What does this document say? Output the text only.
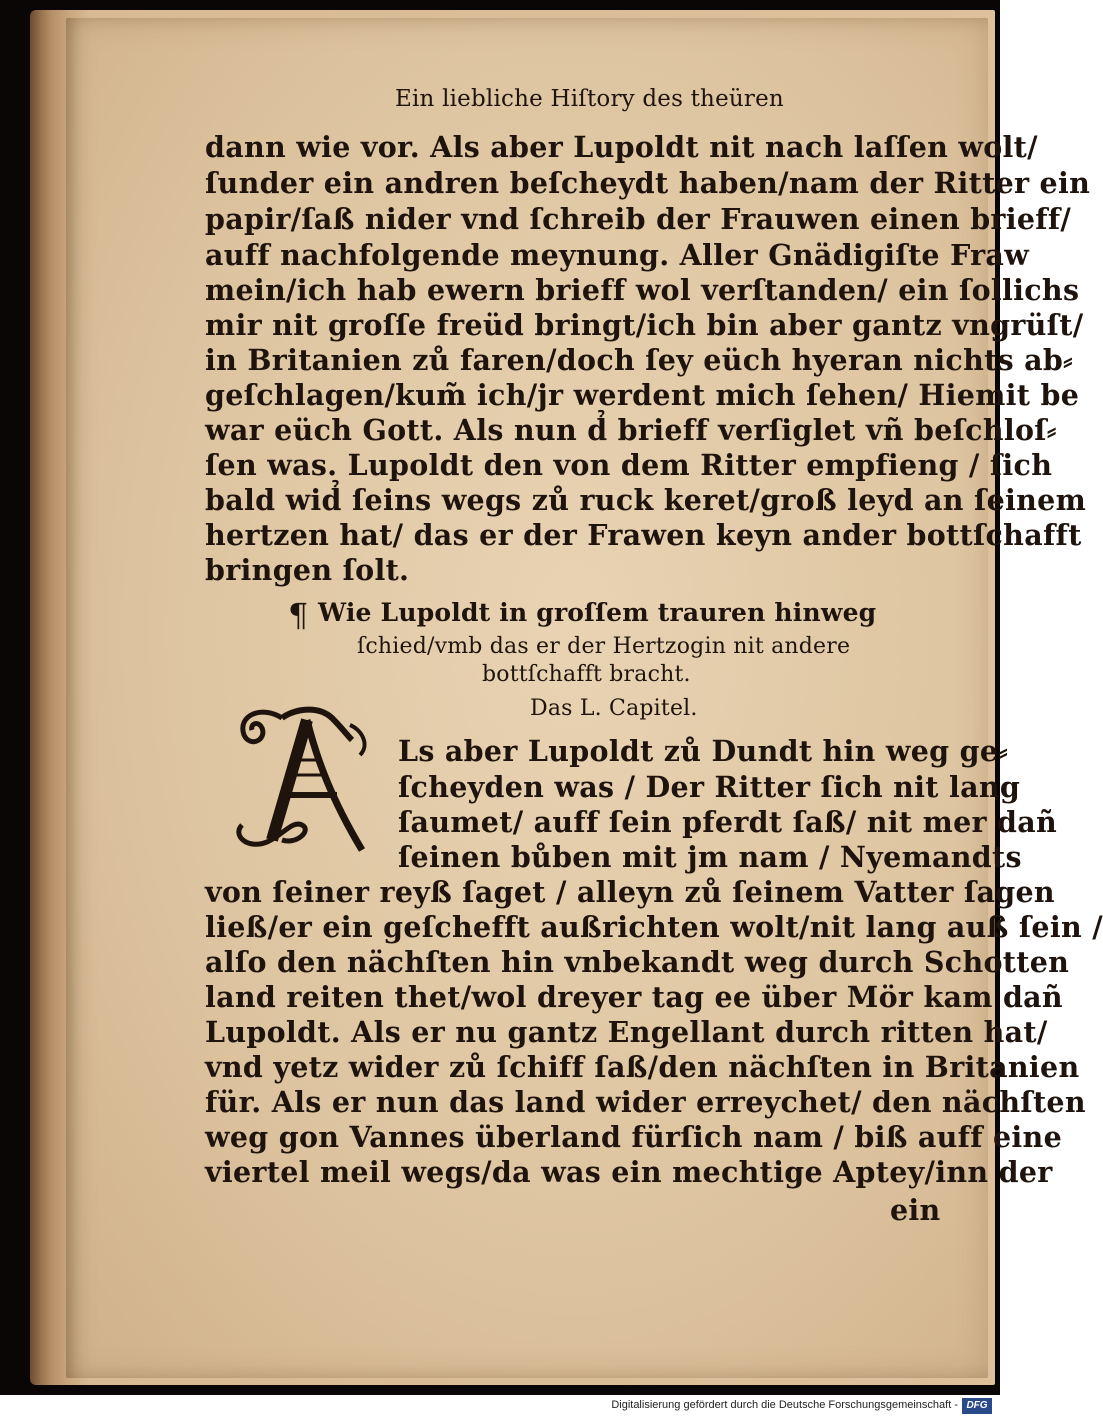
Ein liebliche Hiſtory des theüren
dann wie vor. Als aber Lupoldt nit nach laſſen wolt/
ſunder ein andren beſcheydt haben/nam der Ritter ein
papir/ſaß nider vnd ſchreib der Frauwen einen brieff/
auff nachfolgende meynung. Aller Gnädigiſte Fraw
mein/ich hab ewern brieff wol verſtanden/ ein ſollichs
mir nit groſſe freüd bringt/ich bin aber gantz vngrüſt/
in Britanien zů faren/doch ſey eüch hyeran nichts ab⸗
geſchlagen/kum̃ ich/jr werdent mich ſehen/ Hiemit be
war eüch Gott. Als nun d̉ brieff verſiglet vñ beſchloſ⸗
ſen was. Lupoldt den von dem Ritter empfieng / ſich
bald wid̉ ſeins wegs zů ruck keret/groß leyd an ſeinem
hertzen hat/ das er der Frawen keyn ander bottſchafft
bringen ſolt.
¶ Wie Lupoldt in groſſem trauren hinweg
ſchied/vmb das er der Hertzogin nit andere
bottſchafft bracht.
Das L. Capitel.
Ls aber Lupoldt zů Dundt hin weg ge⸗
ſcheyden was / Der Ritter ſich nit lang
ſaumet/ auff ſein pferdt ſaß/ nit mer dañ
ſeinen bůben mit jm nam / Nyemandts
von ſeiner reyß ſaget / alleyn zů ſeinem Vatter ſagen
ließ/er ein geſchefft außrichten wolt/nit lang auß ſein /
alſo den nächſten hin vnbekandt weg durch Schotten
land reiten thet/wol dreyer tag ee über Mör kam dañ
Lupoldt. Als er nu gantz Engellant durch ritten hat/
vnd yetz wider zů ſchiff ſaß/den nächſten in Britanien
für. Als er nun das land wider erreychet/ den nächſten
weg gon Vannes überland fürſich nam / biß auff eine
viertel meil wegs/da was ein mechtige Aptey/inn der
ein
Digitalisierung gefördert durch die Deutsche Forschungsgemeinschaft - DFG
